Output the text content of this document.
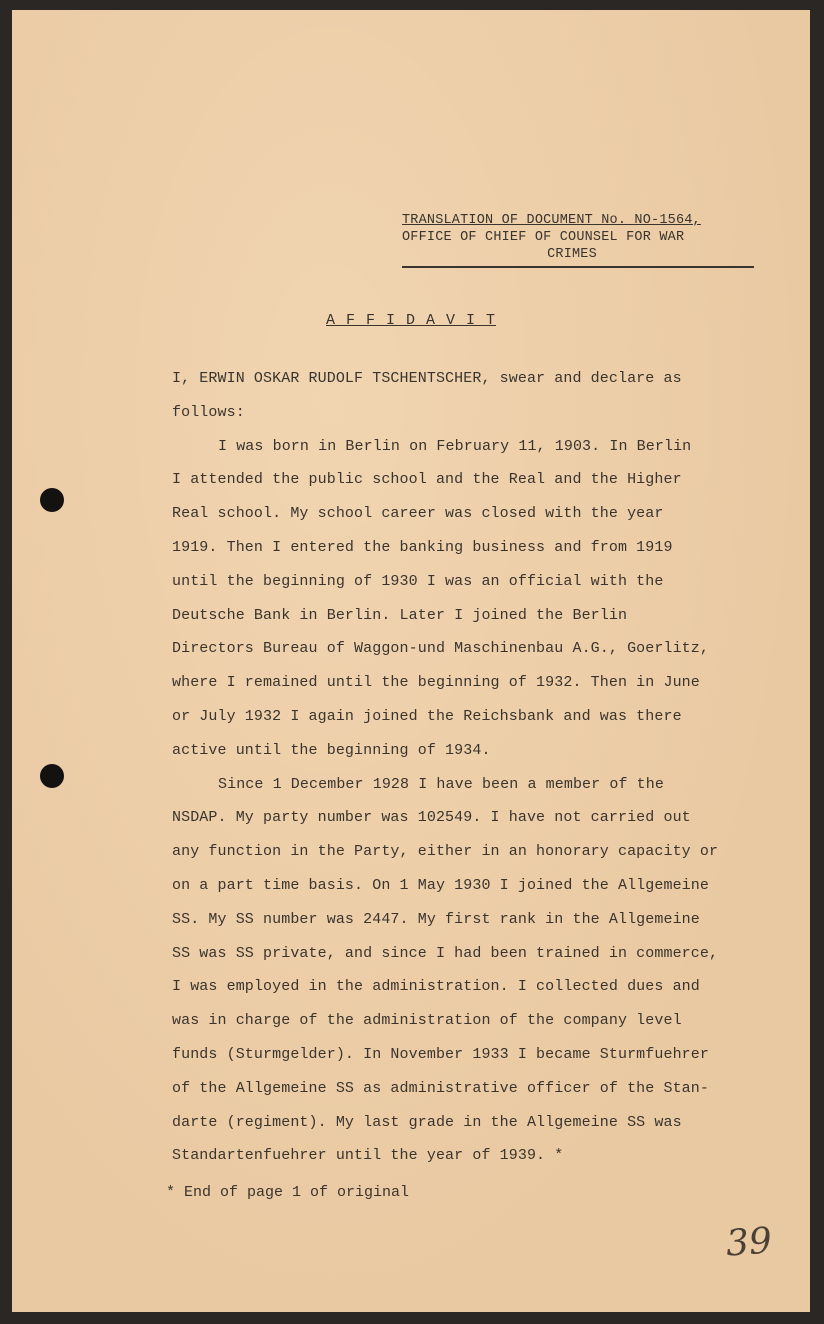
TRANSLATION OF DOCUMENT No. NO-1564,
OFFICE OF CHIEF OF COUNSEL FOR WAR
CRIMES
A F F I D A V I T

I, ERWIN OSKAR RUDOLF TSCHENTSCHER, swear and declare as
follows:

I was born in Berlin on February 11, 1903. In Berlin
I attended the public school and the Real and the Higher
Real school. My school career was closed with the year
1919. Then I entered the banking business and from 1919
until the beginning of 1930 I was an official with the
Deutsche Bank in Berlin. Later I joined the Berlin
Directors Bureau of Waggon-und Maschinenbau A.G., Goerlitz,
where I remained until the beginning of 1932. Then in June
or July 1932 I again joined the Reichsbank and was there
active until the beginning of 1934.

Since 1 December 1928 I have been a member of the
NSDAP. My party number was 102549. I have not carried out
any function in the Party, either in an honorary capacity or
on a part time basis. On 1 May 1930 I joined the Allgemeine
SS. My SS number was 2447. My first rank in the Allgemeine
SS was SS private, and since I had been trained in commerce,
I was employed in the administration. I collected dues and
was in charge of the administration of the company level
funds (Sturmgelder). In November 1933 I became Sturmfuehrer
of the Allgemeine SS as administrative officer of the Stan-
darte (regiment). My last grade in the Allgemeine SS was
Standartenfuehrer until the year of 1939. *

* End of page 1 of original
39
